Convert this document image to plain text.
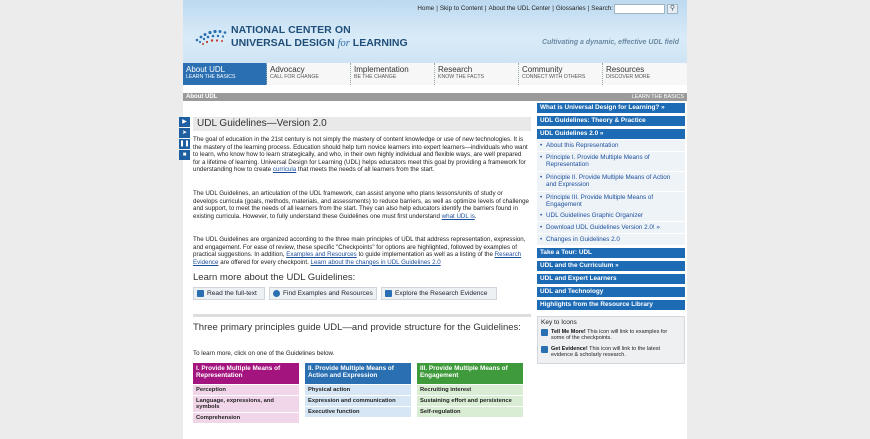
Home | Skip to Content | About the UDL Center | Glossaries | Search:	⚲
NATIONAL CENTER ON
UNIVERSAL DESIGN for LEARNING	Cultivating a dynamic, effective UDL field
About UDL
LEARN THE BASICS
Advocacy
CALL FOR CHANGE
Implementation
BE THE CHANGE
Research
KNOW THE FACTS
Community
CONNECT WITH OTHERS
Resources
DISCOVER MORE
About UDL	LEARN THE BASICS
▶
➤
❚❚
■
UDL Guidelines—Version 2.0

The goal of education in the 21st century is not simply the mastery of content knowledge or use of new technologies. It is the mastery of the learning process. Education should help turn novice learners into expert learners—individuals who want to learn, who know how to learn strategically, and who, in their own highly individual and flexible ways, are well prepared for a lifetime of learning. Universal Design for Learning (UDL) helps educators meet this goal by providing a framework for understanding how to create curricula that meets the needs of all learners from the start.

The UDL Guidelines, an articulation of the UDL framework, can assist anyone who plans lessons/units of study or develops curricula (goals, methods, materials, and assessments) to reduce barriers, as well as optimize levels of challenge and support, to meet the needs of all learners from the start. They can also help educators identify the barriers found in existing curricula. However, to fully understand these Guidelines one must first understand what UDL is.

The UDL Guidelines are organized according to the three main principles of UDL that address representation, expression, and engagement. For ease of review, these specific "Checkpoints" for options are highlighted, followed by examples of practical suggestions. In addition, Examples and Resources to guide implementation as well as a listing of the Research Evidence are offered for every checkpoint. Learn about the changes in UDL Guidelines 2.0

Learn more about the UDL Guidelines:
Read the full-text	Find Examples and Resources	Explore the Research Evidence
Three primary principles guide UDL—and provide structure for the Guidelines:
To learn more, click on one of the Guidelines below.
I. Provide Multiple Means of Representation
Perception
Language, expressions, and symbols
Comprehension
II. Provide Multiple Means of Action and Expression
Physical action
Expression and communication
Executive function
III. Provide Multiple Means of Engagement
Recruiting interest
Sustaining effort and persistence
Self-regulation
What is Universal Design for Learning? »
UDL Guidelines: Theory & Practice
UDL Guidelines 2.0 »
• About this Representation
• Principle I. Provide Multiple Means of Representation
• Principle II. Provide Multiple Means of Action and Expression
• Principle III. Provide Multiple Means of Engagement
• UDL Guidelines Graphic Organizer
• Download UDL Guidelines Version 2.0! »
• Changes in Guidelines 2.0
Take a Tour: UDL
UDL and the Curriculum »
UDL and Expert Learners
UDL and Technology
Highlights from the Resource Library
Key to Icons
Tell Me More! This icon will link to examples for some of the checkpoints.
Get Evidence! This icon will link to the latest evidence & scholarly research.
